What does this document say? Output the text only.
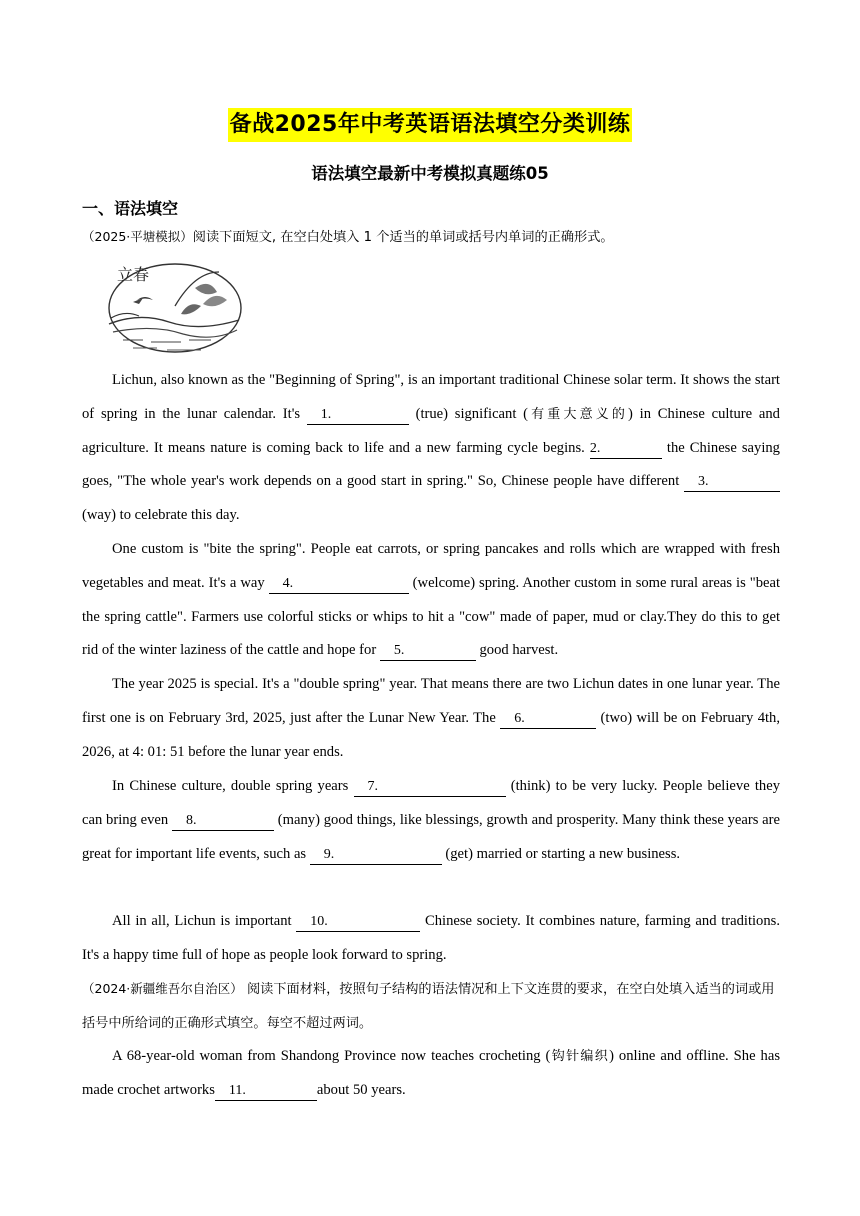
备战2025年中考英语语法填空分类训练
语法填空最新中考模拟真题练05
一、语法填空
（2025·平塘模拟）阅读下面短文, 在空白处填入 1 个适当的单词或括号内单词的正确形式。
立春

Lichun, also known as the "Beginning of Spring", is an important traditional Chinese solar term. It shows the start of spring in the lunar calendar. It's 1.	(true) significant (有重大意义的) in Chinese culture and agriculture. It means nature is coming back to life and a new farming cycle begins. 2.	the Chinese saying goes, "The whole year's work depends on a good start in spring." So, Chinese people have different 3. (way) to celebrate this day.

One custom is "bite the spring". People eat carrots, or spring pancakes and rolls which are wrapped with fresh vegetables and meat. It's a way 4.	(welcome) spring. Another custom in some rural areas is "beat the spring cattle". Farmers use colorful sticks or whips to hit a "cow" made of paper, mud or clay.They do this to get rid of the winter laziness of the cattle and hope for 5.	good harvest.

The year 2025 is special. It's a "double spring" year. That means there are two Lichun dates in one lunar year. The first one is on February 3rd, 2025, just after the Lunar New Year. The 6.	(two) will be on February 4th, 2026, at 4: 01: 51 before the lunar year ends.

In Chinese culture, double spring years 7.	(think) to be very lucky. People believe they can bring even 8.	(many) good things, like blessings, growth and prosperity. Many think these years are great for important life events, such as 9.	(get) married or starting a new business.

All in all, Lichun is important 10.	Chinese society. It combines nature, farming and traditions. It's a happy time full of hope as people look forward to spring.

（2024·新疆维吾尔自治区） 阅读下面材料，按照句子结构的语法情况和上下文连贯的要求，在空白处填入适当的词或用括号中所给词的正确形式填空。每空不超过两词。

A 68-year-old woman from Shandong Province now teaches crocheting (钩针编织) online and offline. She has made crochet artworks 11.	about 50 years.
